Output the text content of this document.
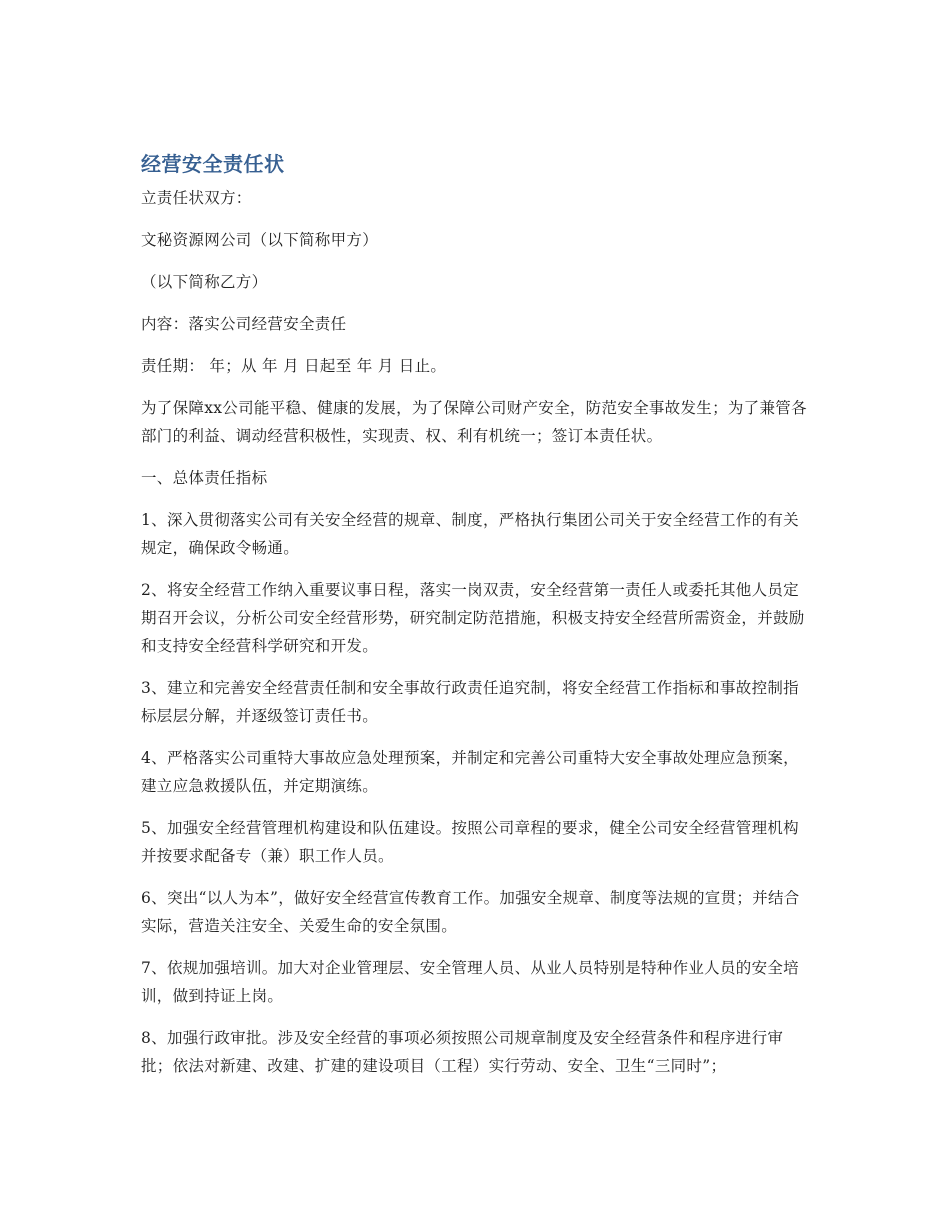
经营安全责任状

立责任状双方：

文秘资源网公司（以下简称甲方）

（以下简称乙方）

内容：落实公司经营安全责任

责任期： 年；从 年 月 日起至 年 月 日止。

为了保障xx公司能平稳、健康的发展，为了保障公司财产安全，防范安全事故发生；为了兼管各部门的利益、调动经营积极性，实现责、权、利有机统一；签订本责任状。

一、总体责任指标

1、深入贯彻落实公司有关安全经营的规章、制度，严格执行集团公司关于安全经营工作的有关规定，确保政令畅通。

2、将安全经营工作纳入重要议事日程，落实一岗双责，安全经营第一责任人或委托其他人员定期召开会议，分析公司安全经营形势，研究制定防范措施，积极支持安全经营所需资金，并鼓励和支持安全经营科学研究和开发。

3、建立和完善安全经营责任制和安全事故行政责任追究制，将安全经营工作指标和事故控制指标层层分解，并逐级签订责任书。

4、严格落实公司重特大事故应急处理预案，并制定和完善公司重特大安全事故处理应急预案，建立应急救援队伍，并定期演练。

5、加强安全经营管理机构建设和队伍建设。按照公司章程的要求，健全公司安全经营管理机构并按要求配备专（兼）职工作人员。

6、突出“以人为本”，做好安全经营宣传教育工作。加强安全规章、制度等法规的宣贯；并结合实际，营造关注安全、关爱生命的安全氛围。

7、依规加强培训。加大对企业管理层、安全管理人员、从业人员特别是特种作业人员的安全培训，做到持证上岗。

8、加强行政审批。涉及安全经营的事项必须按照公司规章制度及安全经营条件和程序进行审批；依法对新建、改建、扩建的建设项目（工程）实行劳动、安全、卫生“三同时”；
